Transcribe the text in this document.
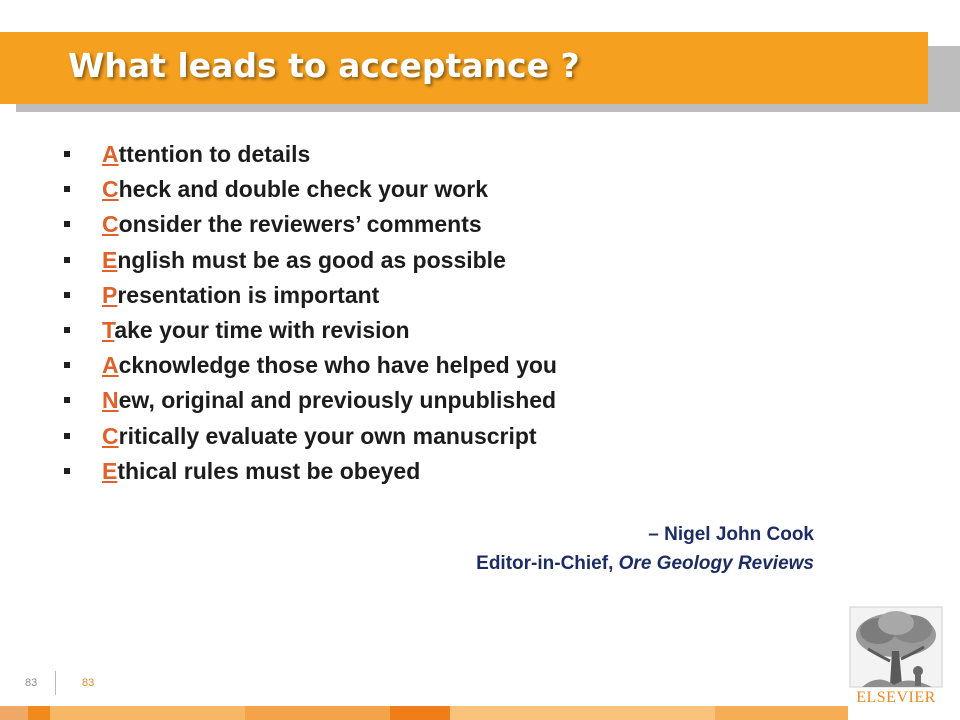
What leads to acceptance ?
Attention to details
Check and double check your work
Consider the reviewers’ comments
English must be as good as possible
Presentation is important
Take your time with revision
Acknowledge those who have helped you
New, original and previously unpublished
Critically evaluate your own manuscript
Ethical rules must be obeyed
– Nigel John Cook
Editor-in-Chief, Ore Geology Reviews
83	83
ELSEVIER
